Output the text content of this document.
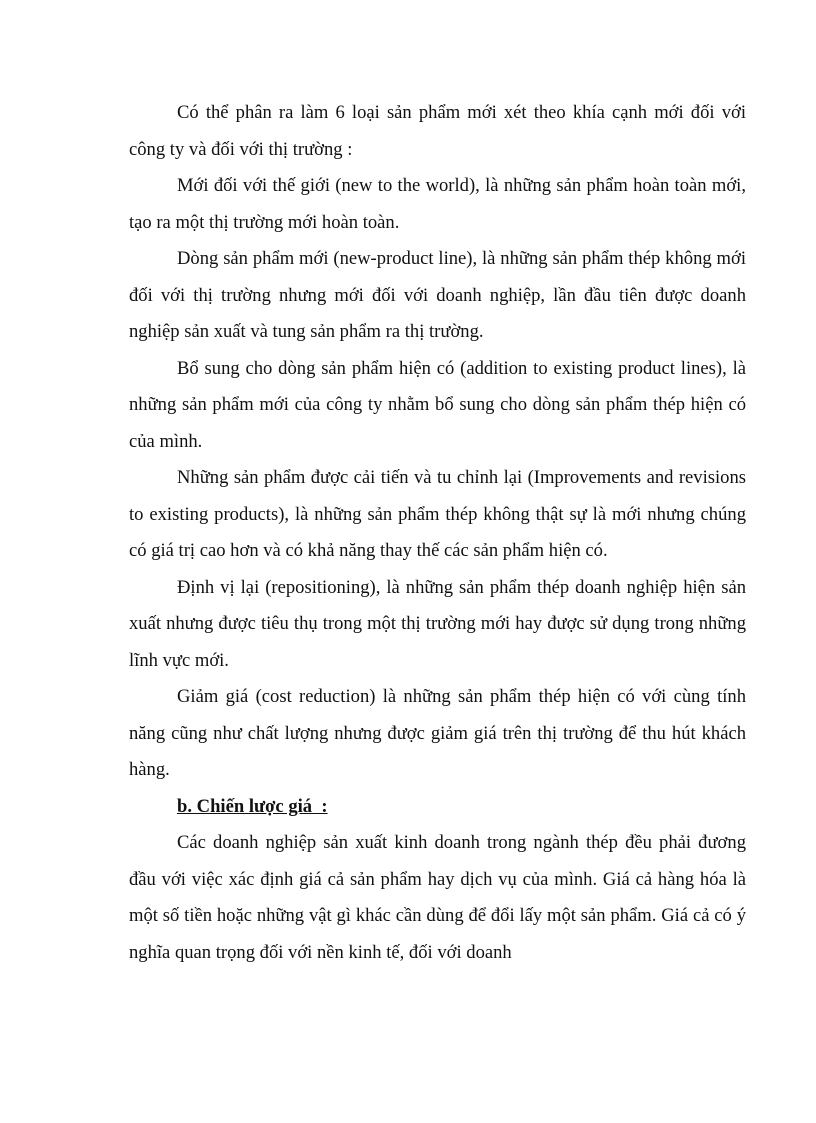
Có thể phân ra làm 6 loại sản phẩm mới xét theo khía cạnh mới đối với công ty và đối với thị trường :

Mới đối với thế giới (new to the world), là những sản phẩm hoàn toàn mới, tạo ra một thị trường mới hoàn toàn.

Dòng sản phẩm mới (new-product line), là những sản phẩm thép không mới đối với thị trường nhưng mới đối với doanh nghiệp, lần đầu tiên được doanh nghiệp sản xuất và tung sản phẩm ra thị trường.

Bổ sung cho dòng sản phẩm hiện có (addition to existing product lines), là những sản phẩm mới của công ty nhằm bổ sung cho dòng sản phẩm thép hiện có của mình.

Những sản phẩm được cải tiến và tu chỉnh lại (Improvements and revisions to existing products), là những sản phẩm thép không thật sự là mới nhưng chúng có giá trị cao hơn và có khả năng thay thế các sản phẩm hiện có.

Định vị lại (repositioning), là những sản phẩm thép doanh nghiệp hiện sản xuất nhưng được tiêu thụ trong một thị trường mới hay được sử dụng trong những lĩnh vực mới.

Giảm giá (cost reduction) là những sản phẩm thép hiện có với cùng tính năng cũng như chất lượng nhưng được giảm giá trên thị trường để thu hút khách hàng.

b. Chiến lược giá  :

Các doanh nghiệp sản xuất kinh doanh trong ngành thép đều phải đương đầu với việc xác định giá cả sản phẩm hay dịch vụ của mình. Giá cả hàng hóa là một số tiền hoặc những vật gì khác cần dùng để đổi lấy một sản phẩm. Giá cả có ý nghĩa quan trọng đối với nền kinh tế, đối với doanh
